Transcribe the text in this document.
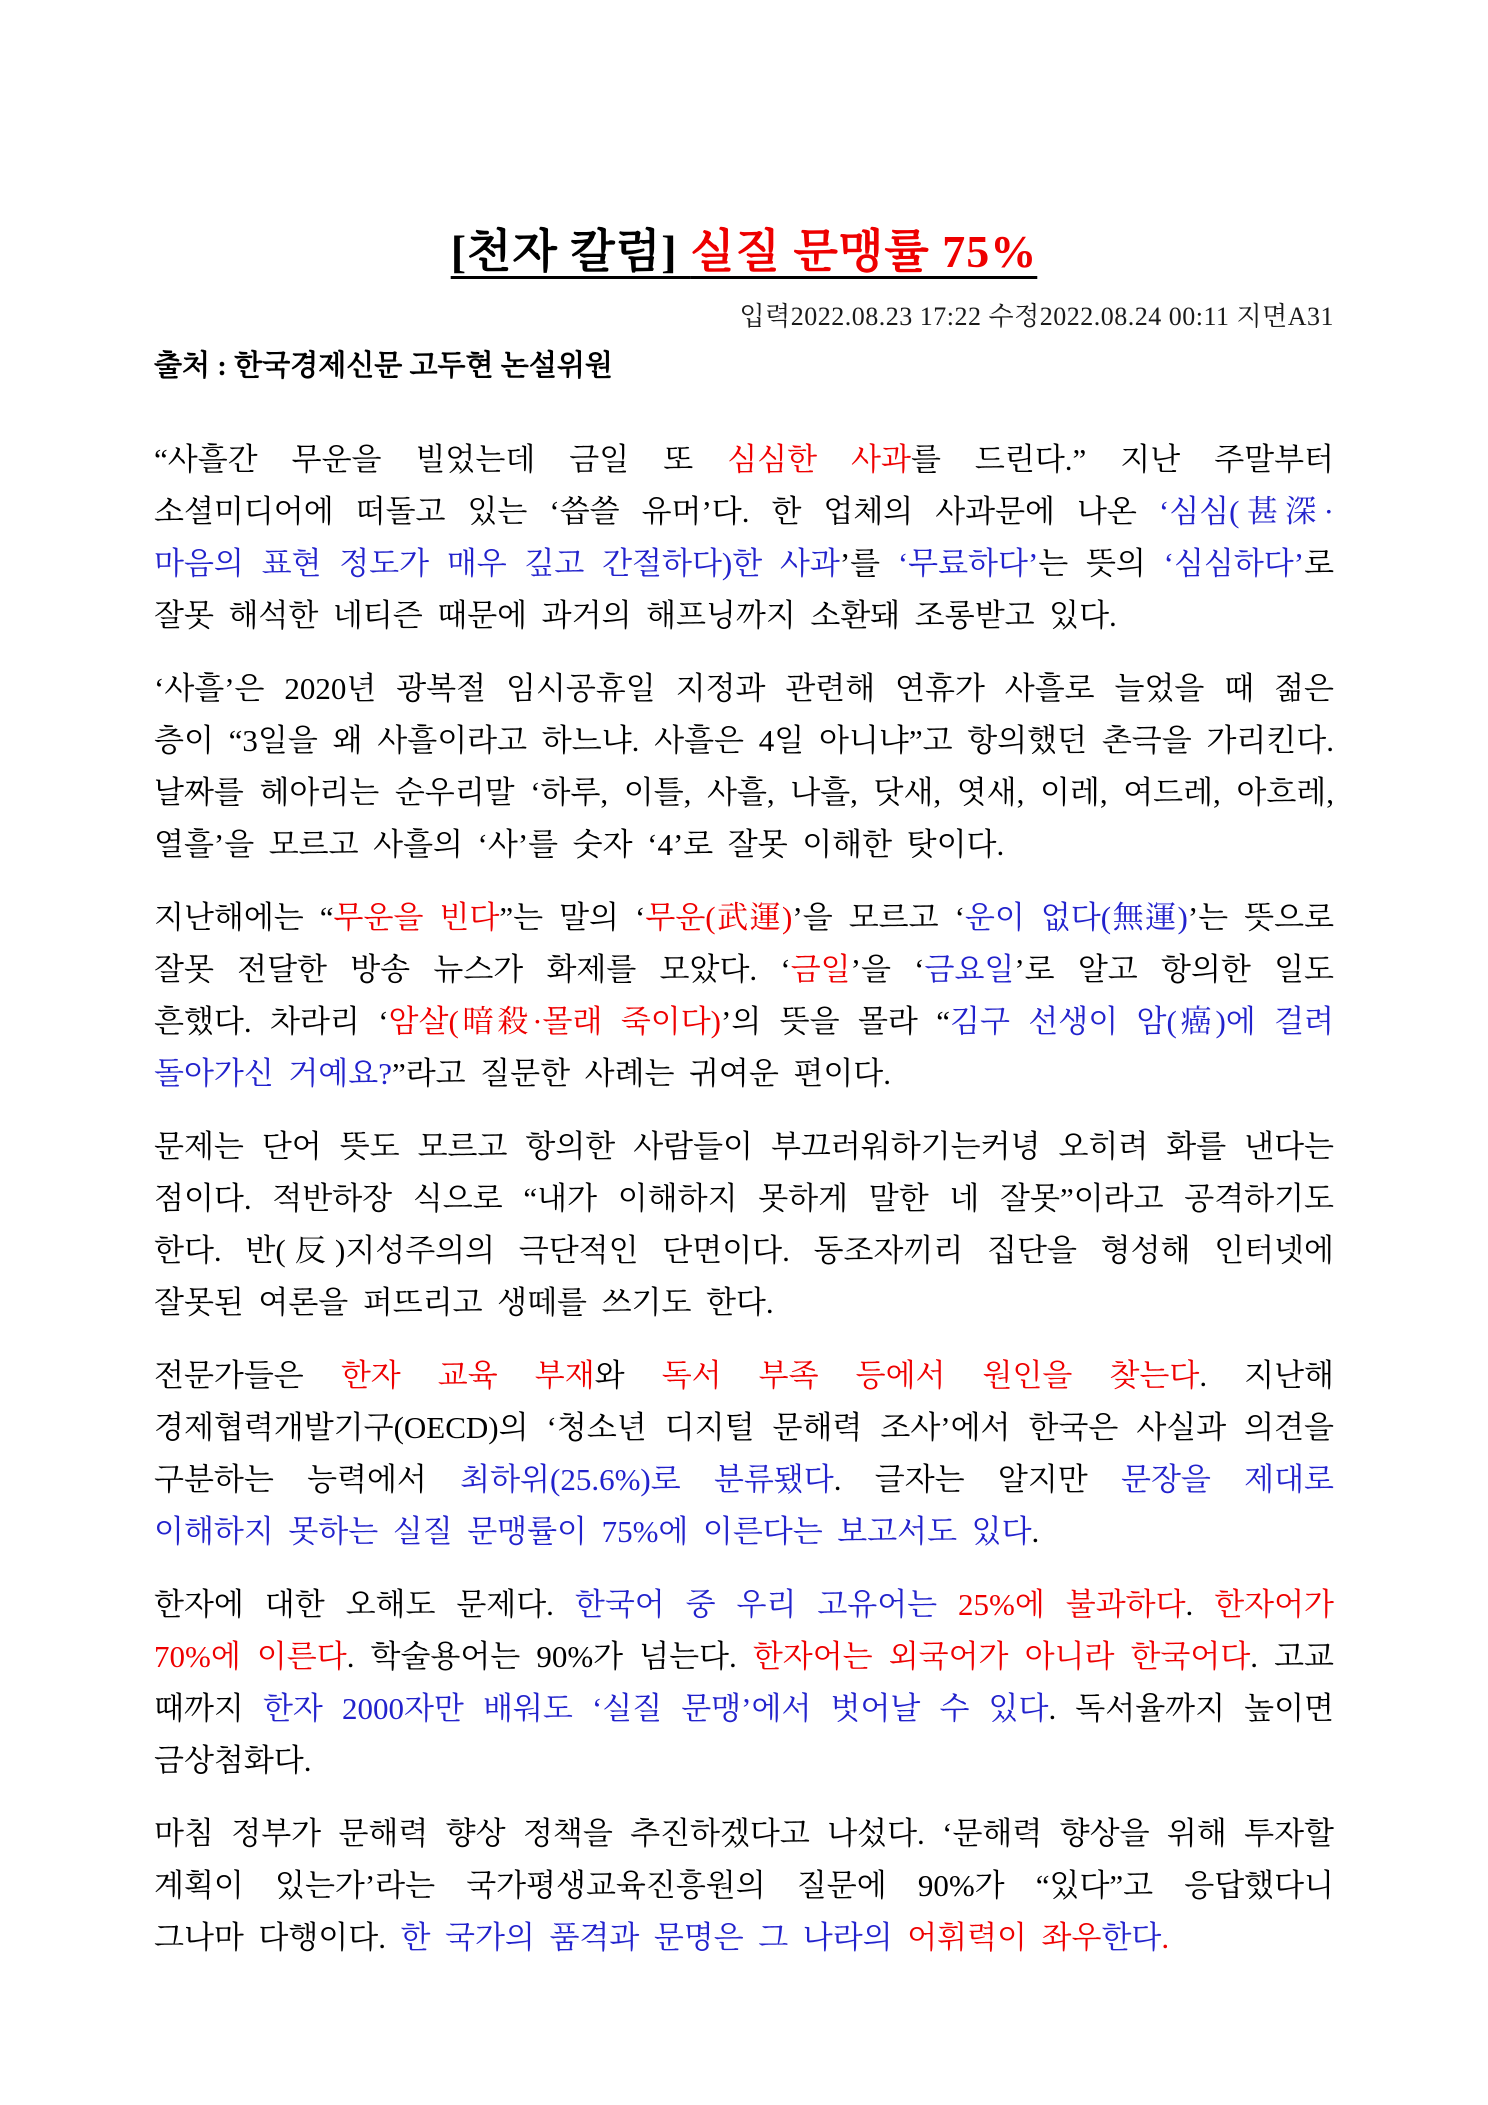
[천자 칼럼] 실질 문맹률 75%
입력2022.08.23 17:22 수정2022.08.24 00:11 지면A31
출처 : 한국경제신문 고두현 논설위원

“사흘간 무운을 빌었는데 금일 또 심심한 사과를 드린다.” 지난 주말부터 소셜미디어에 떠돌고 있는 ‘씁쓸 유머’다. 한 업체의 사과문에 나온 ‘심심(甚深·마음의 표현 정도가 매우 깊고 간절하다)한 사과’를 ‘무료하다’는 뜻의 ‘심심하다’로 잘못 해석한 네티즌 때문에 과거의 해프닝까지 소환돼 조롱받고 있다.

‘사흘’은 2020년 광복절 임시공휴일 지정과 관련해 연휴가 사흘로 늘었을 때 젊은 층이 “3일을 왜 사흘이라고 하느냐. 사흘은 4일 아니냐”고 항의했던 촌극을 가리킨다. 날짜를 헤아리는 순우리말 ‘하루, 이틀, 사흘, 나흘, 닷새, 엿새, 이레, 여드레, 아흐레, 열흘’을 모르고 사흘의 ‘사’를 숫자 ‘4’로 잘못 이해한 탓이다.

지난해에는 “무운을 빈다”는 말의 ‘무운(武運)’을 모르고 ‘운이 없다(無運)’는 뜻으로 잘못 전달한 방송 뉴스가 화제를 모았다. ‘금일’을 ‘금요일’로 알고 항의한 일도 흔했다. 차라리 ‘암살(暗殺·몰래 죽이다)’의 뜻을 몰라 “김구 선생이 암(癌)에 걸려 돌아가신 거예요?”라고 질문한 사례는 귀여운 편이다.

문제는 단어 뜻도 모르고 항의한 사람들이 부끄러워하기는커녕 오히려 화를 낸다는 점이다. 적반하장 식으로 “내가 이해하지 못하게 말한 네 잘못”이라고 공격하기도 한다. 반(反)지성주의의 극단적인 단면이다. 동조자끼리 집단을 형성해 인터넷에 잘못된 여론을 퍼뜨리고 생떼를 쓰기도 한다.

전문가들은 한자 교육 부재와 독서 부족 등에서 원인을 찾는다. 지난해 경제협력개발기구(OECD)의 ‘청소년 디지털 문해력 조사’에서 한국은 사실과 의견을 구분하는 능력에서 최하위(25.6%)로 분류됐다. 글자는 알지만 문장을 제대로 이해하지 못하는 실질 문맹률이 75%에 이른다는 보고서도 있다.

한자에 대한 오해도 문제다. 한국어 중 우리 고유어는 25%에 불과하다. 한자어가 70%에 이른다. 학술용어는 90%가 넘는다. 한자어는 외국어가 아니라 한국어다. 고교 때까지 한자 2000자만 배워도 ‘실질 문맹’에서 벗어날 수 있다. 독서율까지 높이면 금상첨화다.

마침 정부가 문해력 향상 정책을 추진하겠다고 나섰다. ‘문해력 향상을 위해 투자할 계획이 있는가’라는 국가평생교육진흥원의 질문에 90%가 “있다”고 응답했다니 그나마 다행이다. 한 국가의 품격과 문명은 그 나라의 어휘력이 좌우한다.
